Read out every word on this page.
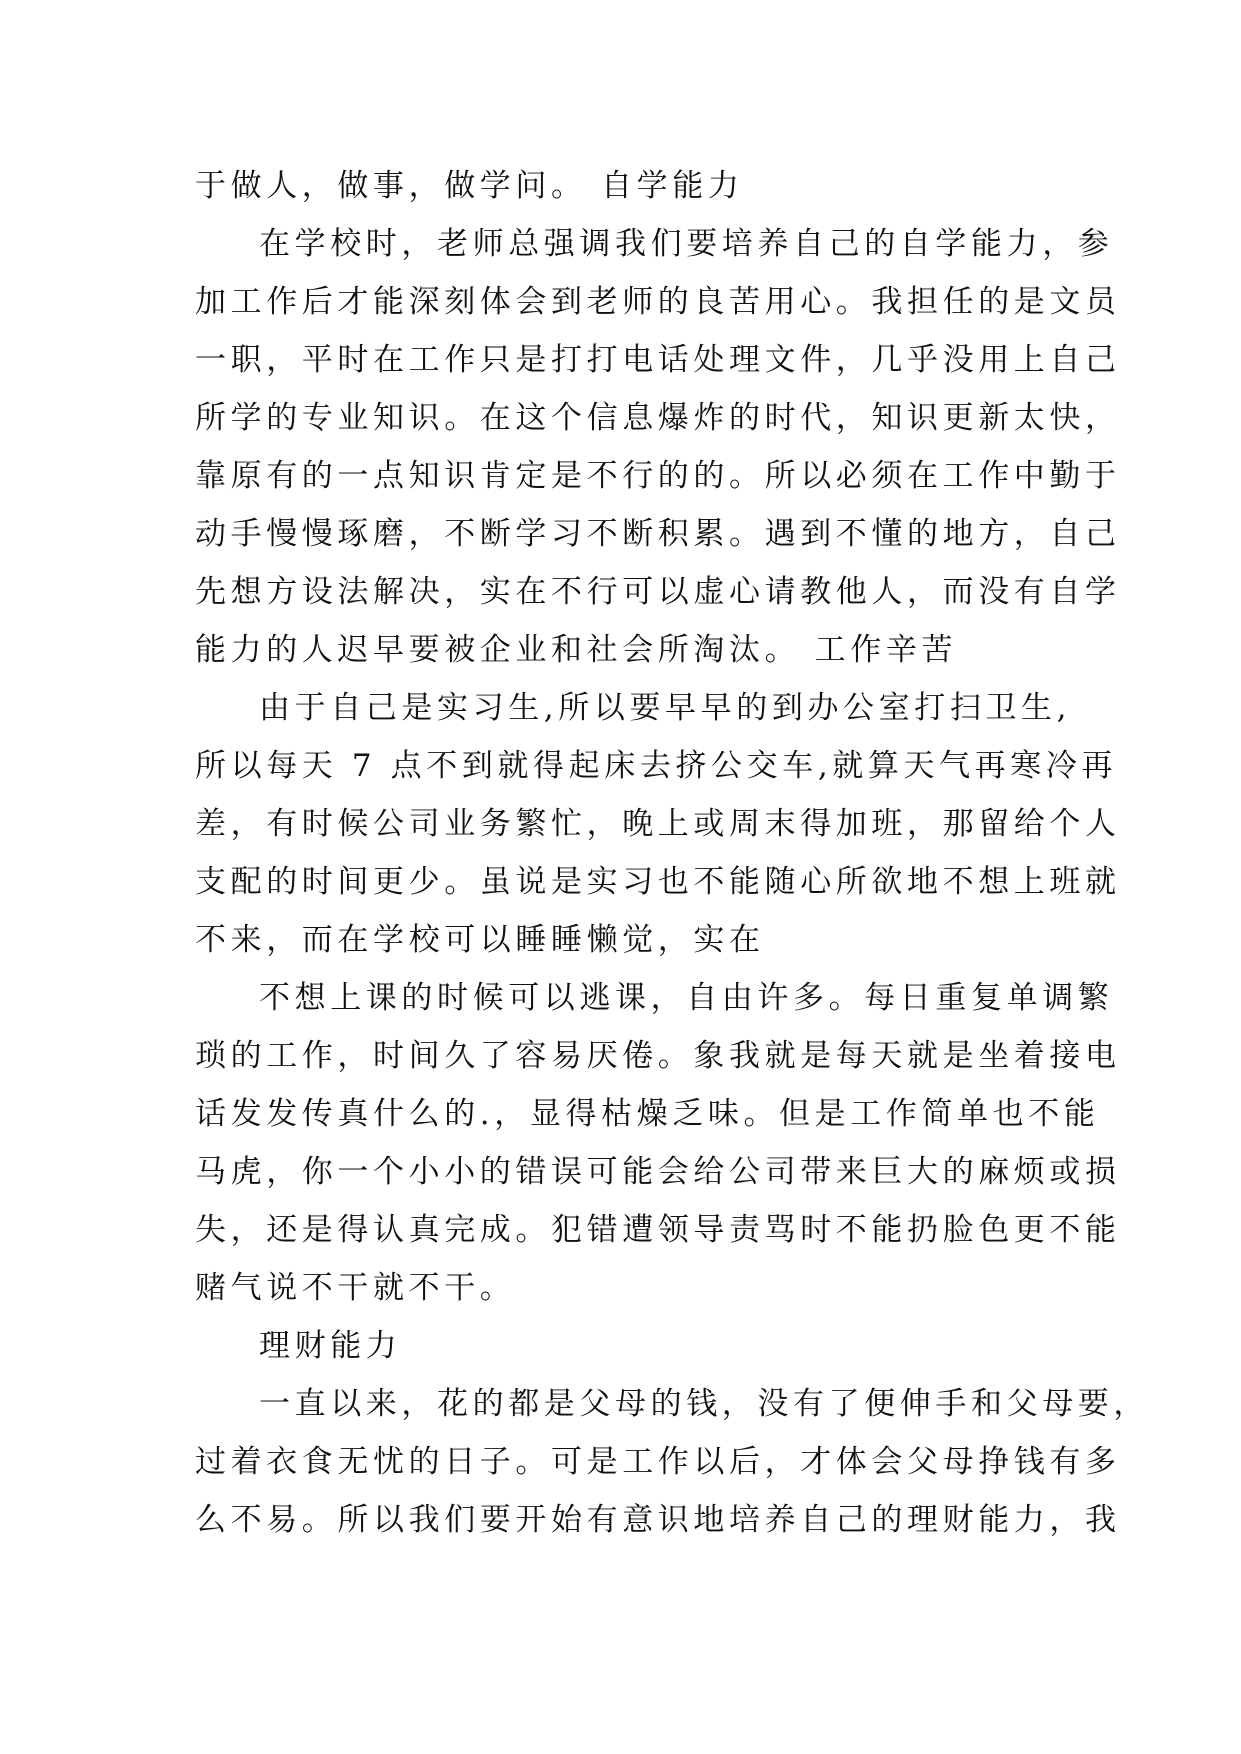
于做人，做事，做学问。 自学能力
在学校时，老师总强调我们要培养自己的自学能力，参
加工作后才能深刻体会到老师的良苦用心。我担任的是文员
一职，平时在工作只是打打电话处理文件，几乎没用上自己
所学的专业知识。在这个信息爆炸的时代，知识更新太快，
靠原有的一点知识肯定是不行的的。所以必须在工作中勤于
动手慢慢琢磨，不断学习不断积累。遇到不懂的地方，自己
先想方设法解决，实在不行可以虚心请教他人，而没有自学
能力的人迟早要被企业和社会所淘汰。 工作辛苦
由于自己是实习生,所以要早早的到办公室打扫卫生,
所以每天 7 点不到就得起床去挤公交车,就算天气再寒冷再
差，有时候公司业务繁忙，晚上或周末得加班，那留给个人
支配的时间更少。虽说是实习也不能随心所欲地不想上班就
不来，而在学校可以睡睡懒觉，实在
不想上课的时候可以逃课，自由许多。每日重复单调繁
琐的工作，时间久了容易厌倦。象我就是每天就是坐着接电
话发发传真什么的.，显得枯燥乏味。但是工作简单也不能
马虎，你一个小小的错误可能会给公司带来巨大的麻烦或损
失，还是得认真完成。犯错遭领导责骂时不能扔脸色更不能
赌气说不干就不干。
理财能力
一直以来，花的都是父母的钱，没有了便伸手和父母要，
过着衣食无忧的日子。可是工作以后，才体会父母挣钱有多
么不易。所以我们要开始有意识地培养自己的理财能力，我
